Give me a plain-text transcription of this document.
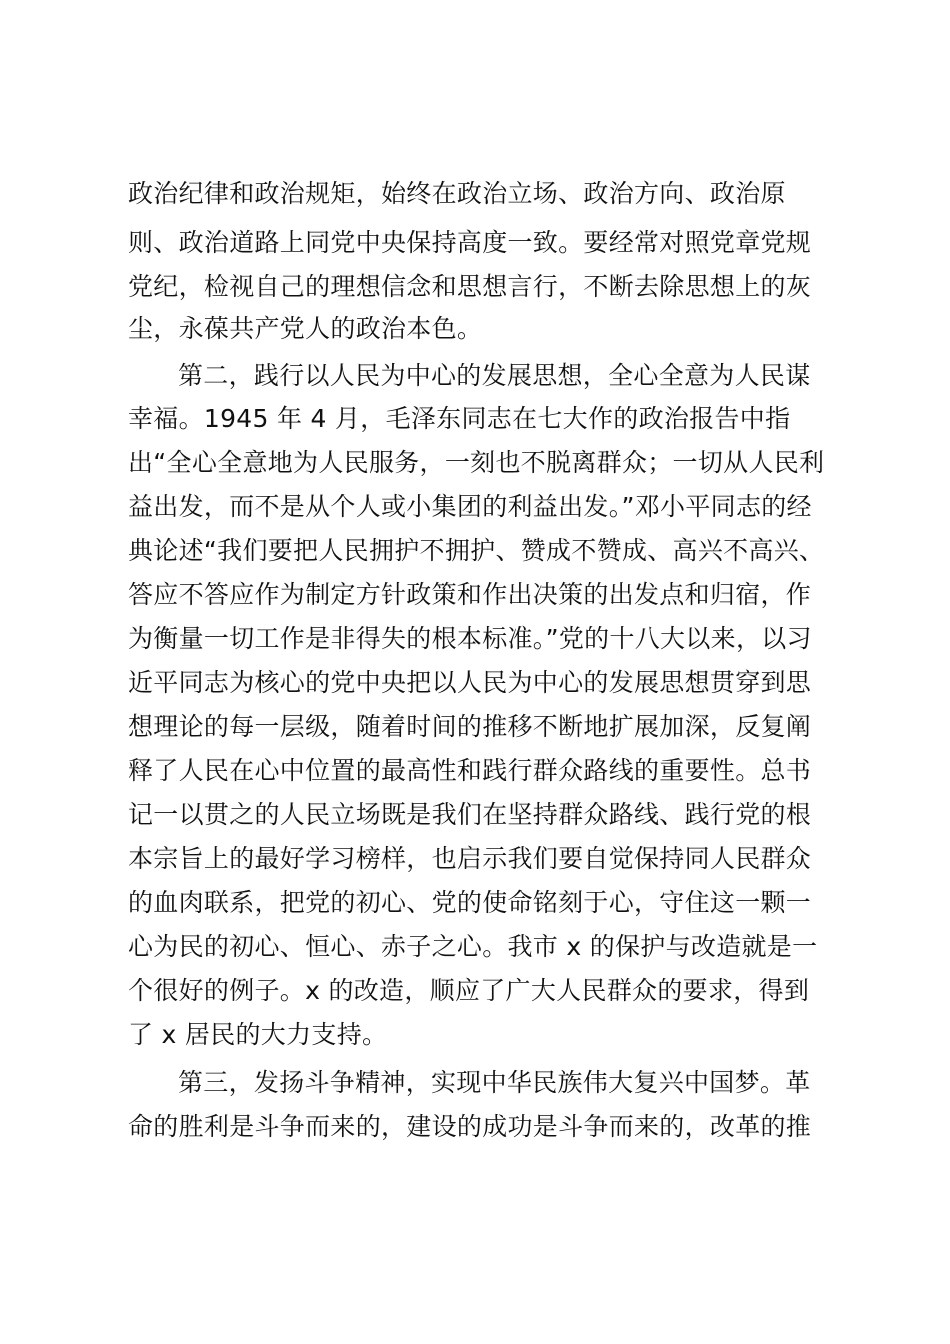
政治纪律和政治规矩，始终在政治立场、政治方向、政治原

则、政治道路上同党中央保持高度一致。要经常对照党章党规

党纪，检视自己的理想信念和思想言行，不断去除思想上的灰

尘，永葆共产党人的政治本色。

第二，践行以人民为中心的发展思想，全心全意为人民谋

幸福。1945 年 4 月，毛泽东同志在七大作的政治报告中指

出“全心全意地为人民服务，一刻也不脱离群众；一切从人民利

益出发，而不是从个人或小集团的利益出发。”邓小平同志的经

典论述“我们要把人民拥护不拥护、赞成不赞成、高兴不高兴、

答应不答应作为制定方针政策和作出决策的出发点和归宿，作

为衡量一切工作是非得失的根本标准。”党的十八大以来，以习

近平同志为核心的党中央把以人民为中心的发展思想贯穿到思

想理论的每一层级，随着时间的推移不断地扩展加深，反复阐

释了人民在心中位置的最高性和践行群众路线的重要性。总书

记一以贯之的人民立场既是我们在坚持群众路线、践行党的根

本宗旨上的最好学习榜样，也启示我们要自觉保持同人民群众

的血肉联系，把党的初心、党的使命铭刻于心，守住这一颗一

心为民的初心、恒心、赤子之心。我市 x 的保护与改造就是一

个很好的例子。x 的改造，顺应了广大人民群众的要求，得到

了 x 居民的大力支持。

第三，发扬斗争精神，实现中华民族伟大复兴中国梦。革

命的胜利是斗争而来的，建设的成功是斗争而来的，改革的推
